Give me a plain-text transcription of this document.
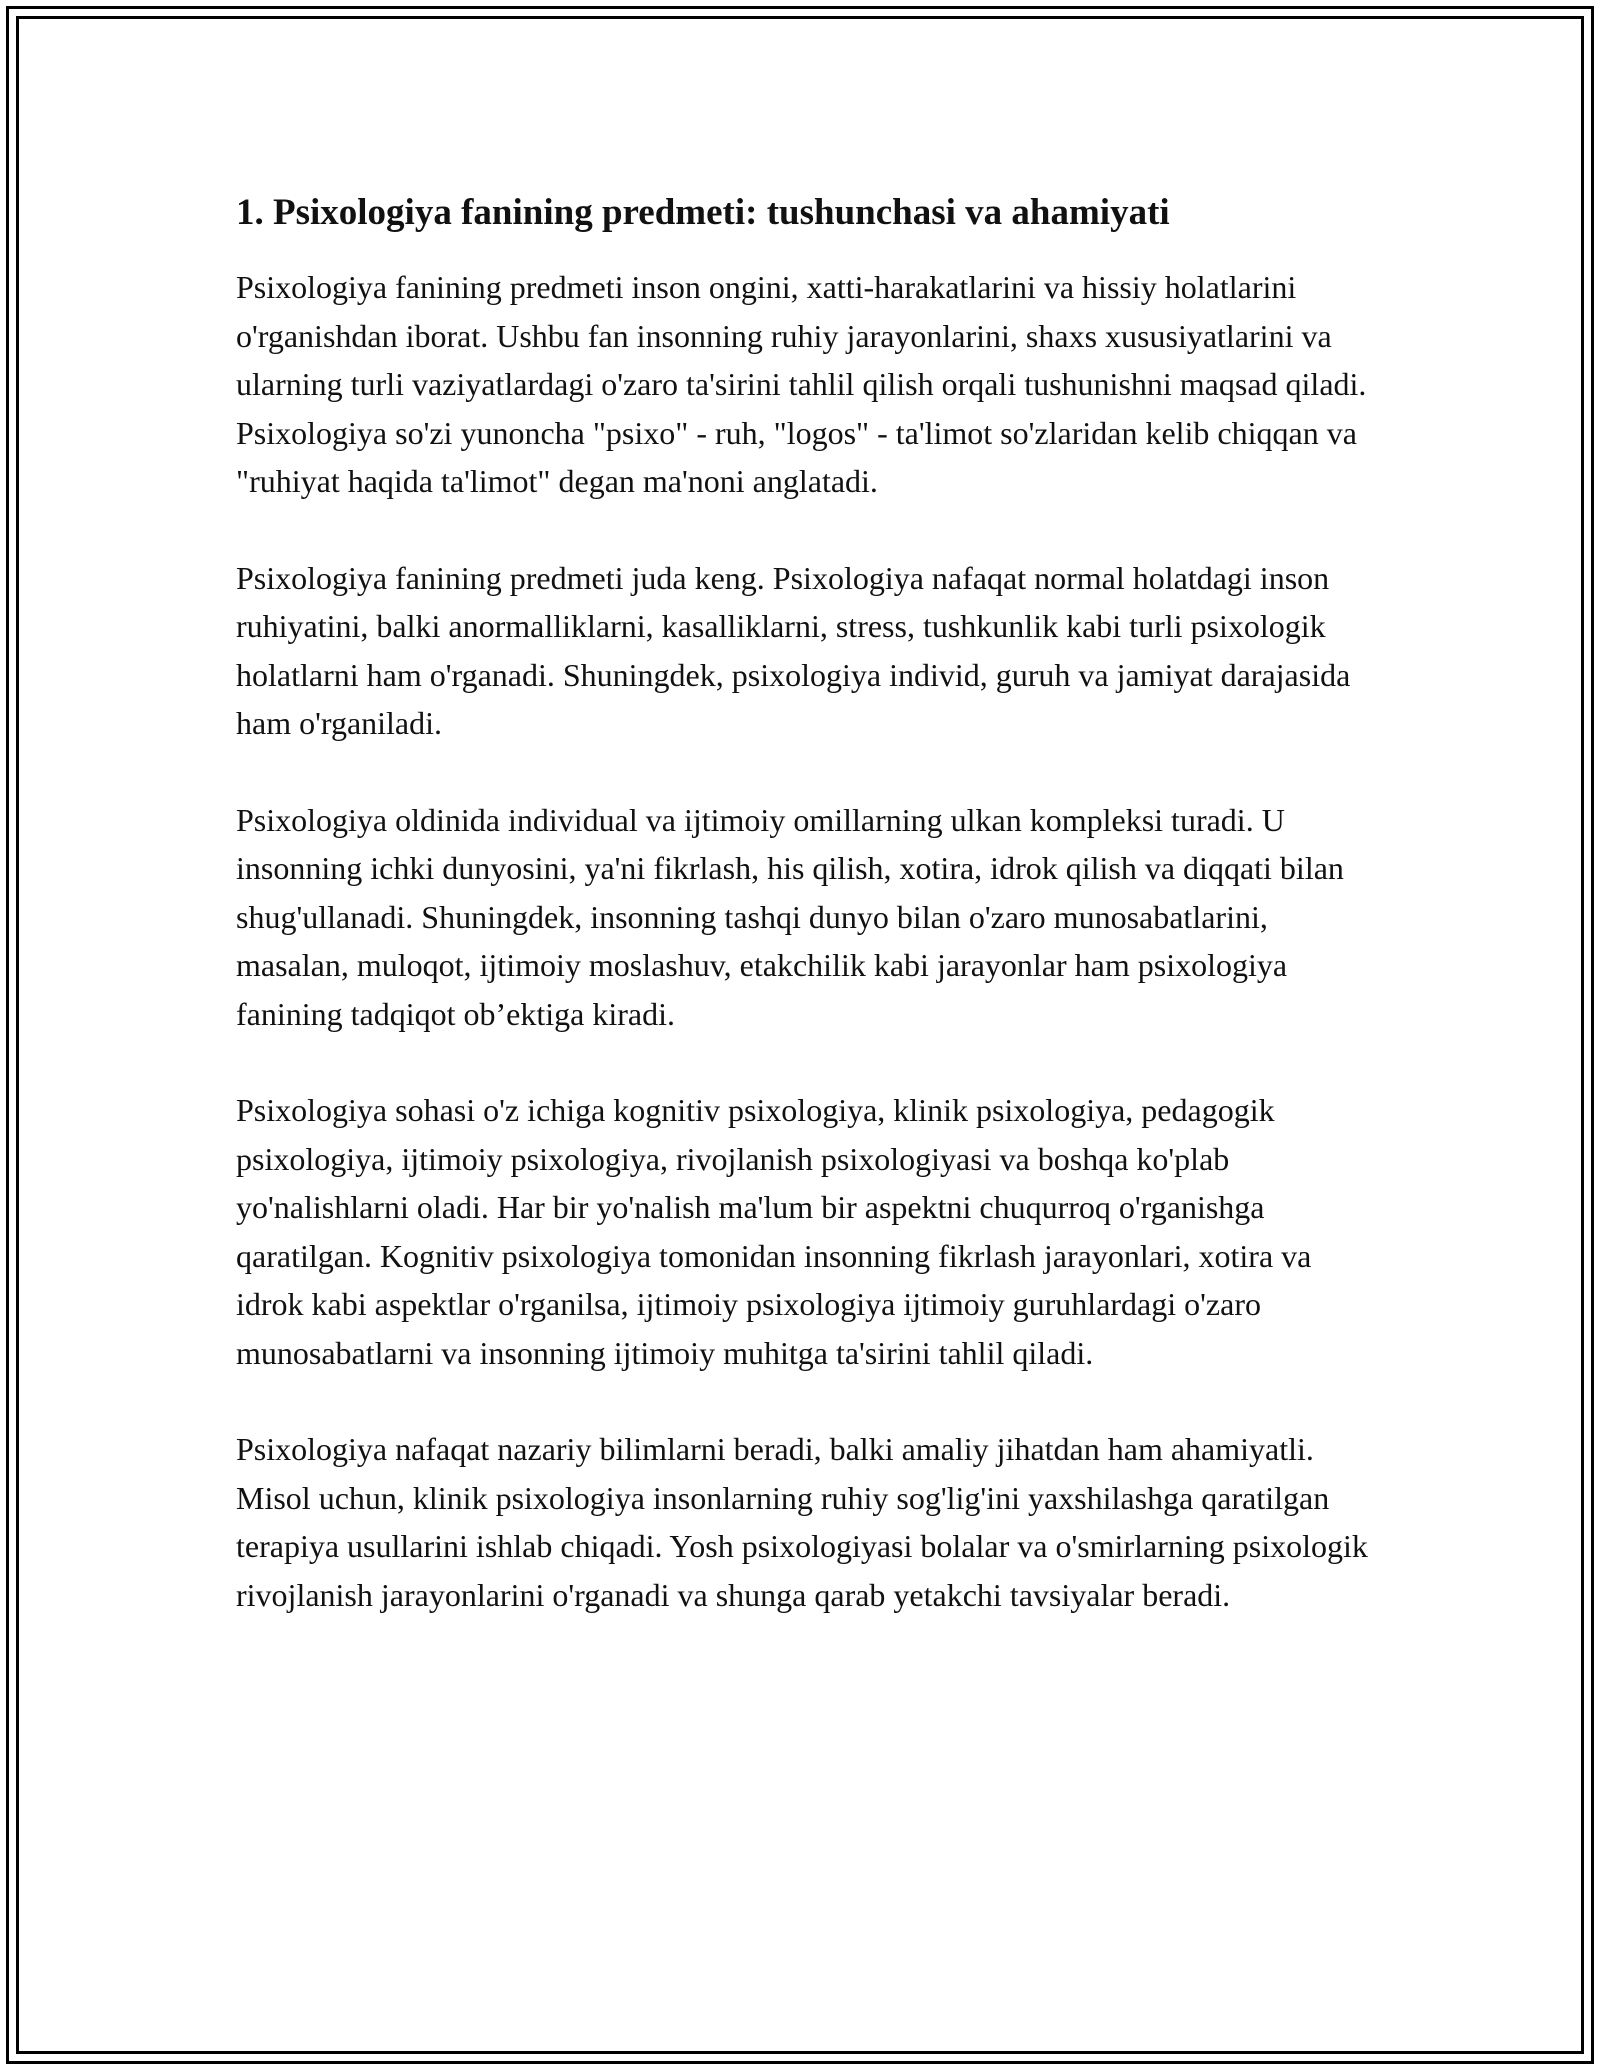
1. Psixologiya fanining predmeti: tushunchasi va ahamiyati

Psixologiya fanining predmeti inson ongini, xatti-harakatlarini va hissiy holatlarini o'rganishdan iborat. Ushbu fan insonning ruhiy jarayonlarini, shaxs xususiyatlarini va ularning turli vaziyatlardagi o'zaro ta'sirini tahlil qilish orqali tushunishni maqsad qiladi. Psixologiya so'zi yunoncha "psixo" - ruh, "logos" - ta'limot so'zlaridan kelib chiqqan va "ruhiyat haqida ta'limot" degan ma'noni anglatadi.

Psixologiya fanining predmeti juda keng. Psixologiya nafaqat normal holatdagi inson ruhiyatini, balki anormalliklarni, kasalliklarni, stress, tushkunlik kabi turli psixologik holatlarni ham o'rganadi. Shuningdek, psixologiya individ, guruh va jamiyat darajasida ham o'rganiladi.

Psixologiya oldinida individual va ijtimoiy omillarning ulkan kompleksi turadi. U insonning ichki dunyosini, ya'ni fikrlash, his qilish, xotira, idrok qilish va diqqati bilan shug'ullanadi. Shuningdek, insonning tashqi dunyo bilan o'zaro munosabatlarini, masalan, muloqot, ijtimoiy moslashuv, etakchilik kabi jarayonlar ham psixologiya fanining tadqiqot ob’ektiga kiradi.

Psixologiya sohasi o'z ichiga kognitiv psixologiya, klinik psixologiya, pedagogik psixologiya, ijtimoiy psixologiya, rivojlanish psixologiyasi va boshqa ko'plab yo'nalishlarni oladi. Har bir yo'nalish ma'lum bir aspektni chuqurroq o'rganishga qaratilgan. Kognitiv psixologiya tomonidan insonning fikrlash jarayonlari, xotira va idrok kabi aspektlar o'rganilsa, ijtimoiy psixologiya ijtimoiy guruhlardagi o'zaro munosabatlarni va insonning ijtimoiy muhitga ta'sirini tahlil qiladi.

Psixologiya nafaqat nazariy bilimlarni beradi, balki amaliy jihatdan ham ahamiyatli. Misol uchun, klinik psixologiya insonlarning ruhiy sog'lig'ini yaxshilashga qaratilgan terapiya usullarini ishlab chiqadi. Yosh psixologiyasi bolalar va o'smirlarning psixologik rivojlanish jarayonlarini o'rganadi va shunga qarab yetakchi tavsiyalar beradi.
